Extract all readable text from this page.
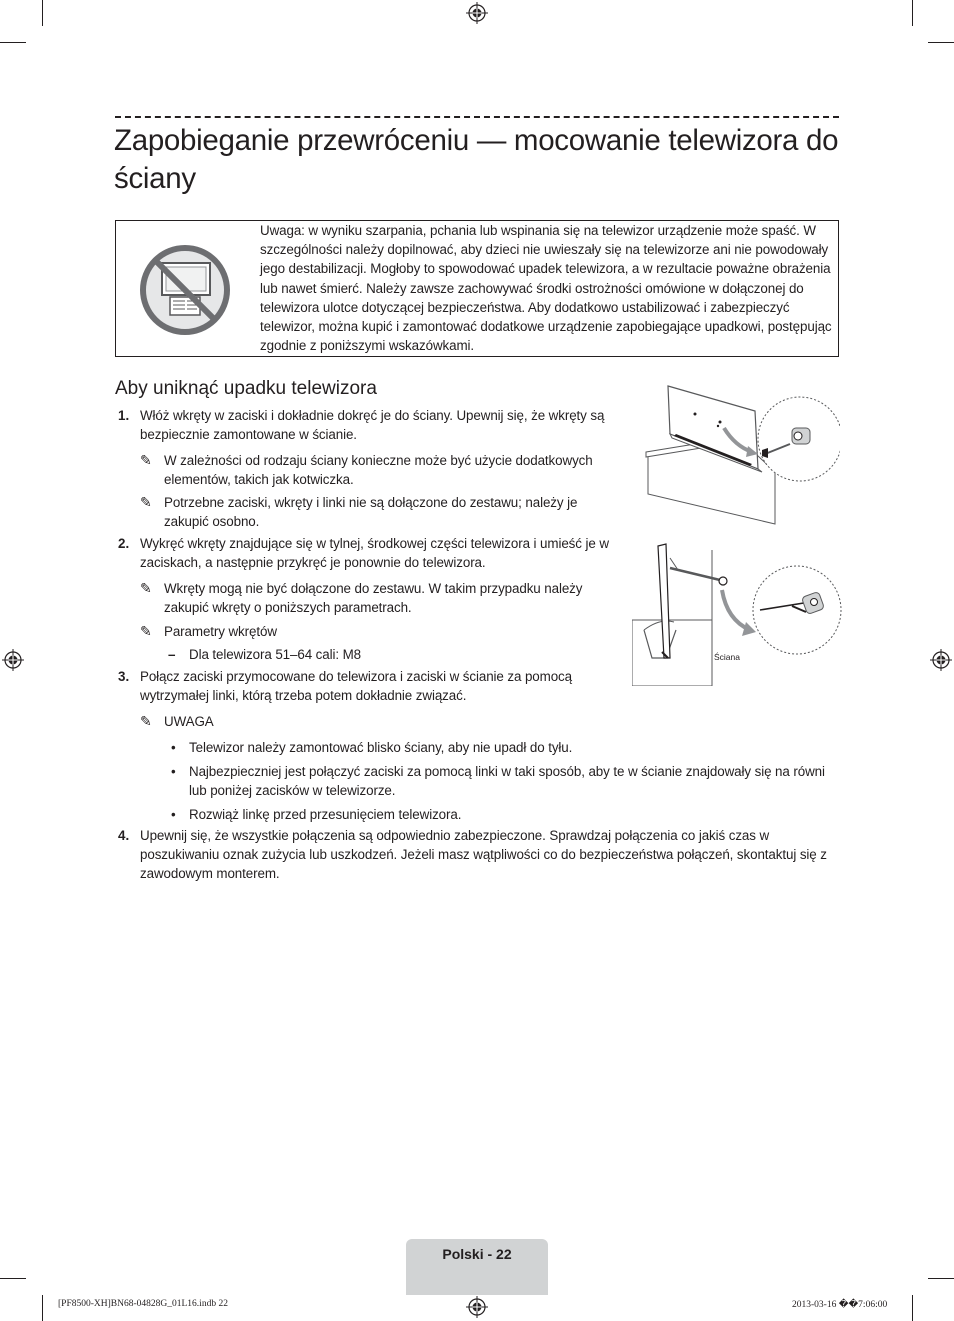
Zapobieganie przewróceniu — mocowanie telewizora do ściany
Uwaga: w wyniku szarpania, pchania lub wspinania się na telewizor urządzenie może spaść. W szczególności należy dopilnować, aby dzieci nie uwieszały się na telewizorze ani nie powodowały jego destabilizacji. Mogłoby to spowodować upadek telewizora, a w rezultacie poważne obrażenia lub nawet śmierć. Należy zawsze zachowywać środki ostrożności omówione w dołączonej do telewizora ulotce dotyczącej bezpieczeństwa. Aby dodatkowo ustabilizować i zabezpieczyć telewizor, można kupić i zamontować dodatkowe urządzenie zapobiegające upadkowi, postępując zgodnie z poniższymi wskazówkami.
Aby uniknąć upadku telewizora
1. Włóż wkręty w zaciski i dokładnie dokręć je do ściany. Upewnij się, że wkręty są bezpiecznie zamontowane w ścianie.
✎ W zależności od rodzaju ściany konieczne może być użycie dodatkowych elementów, takich jak kotwiczka.
✎ Potrzebne zaciski, wkręty i linki nie są dołączone do zestawu; należy je zakupić osobno.
2. Wykręć wkręty znajdujące się w tylnej, środkowej części telewizora i umieść je w zaciskach, a następnie przykręć je ponownie do telewizora.
✎ Wkręty mogą nie być dołączone do zestawu. W takim przypadku należy zakupić wkręty o poniższych parametrach.
✎ Parametry wkrętów
– Dla telewizora 51–64 cali: M8
3. Połącz zaciski przymocowane do telewizora i zaciski w ścianie za pomocą wytrzymałej linki, którą trzeba potem dokładnie związać.
✎ UWAGA
• Telewizor należy zamontować blisko ściany, aby nie upadł do tyłu.
• Najbezpieczniej jest połączyć zaciski za pomocą linki w taki sposób, aby te w ścianie znajdowały się na równi lub poniżej zacisków w telewizorze.
• Rozwiąż linkę przed przesunięciem telewizora.
4. Upewnij się, że wszystkie połączenia są odpowiednio zabezpieczone. Sprawdzaj połączenia co jakiś czas w poszukiwaniu oznak zużycia lub uszkodzeń. Jeżeli masz wątpliwości co do bezpieczeństwa połączeń, skontaktuj się z zawodowym monterem.
Ściana
Polski - 22
[PF8500-XH]BN68-04828G_01L16.indb 22	2013-03-16 ��7:06:00
